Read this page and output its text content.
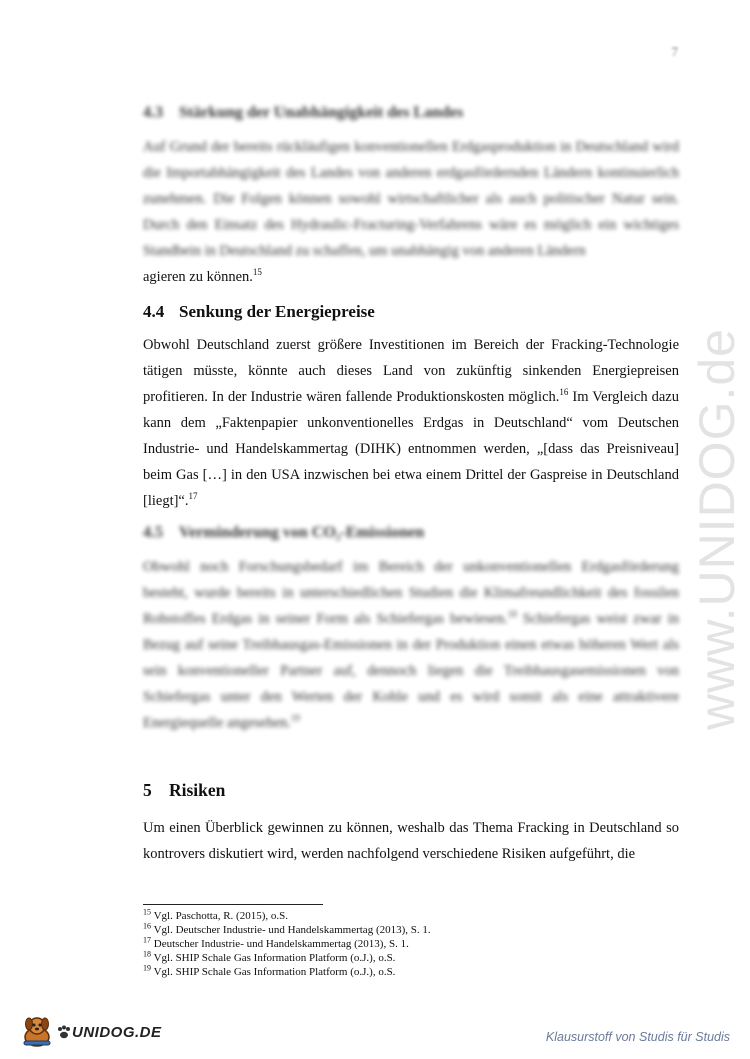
7
www.UNIDOG.de
4.3 Stärkung der Unabhängigkeit des Landes

Auf Grund der bereits rückläufigen konventionellen Erdgasproduktion in Deutschland wird die Importabhängigkeit des Landes von anderen erdgasfördernden Ländern kontinuierlich zunehmen. Die Folgen können sowohl wirtschaftlicher als auch politischer Natur sein. Durch den Einsatz des Hydraulic-Fracturing-Verfahrens wäre es möglich ein wichtiges Standbein in Deutschland zu schaffen, um unabhängig von anderen Ländern

agieren zu können.$^{15}$

4.4 Senkung der Energiepreise

Obwohl Deutschland zuerst größere Investitionen im Bereich der Fracking-Technologie tätigen müsste, könnte auch dieses Land von zukünftig sinkenden Energiepreisen profitieren. In der Industrie wären fallende Produktionskosten möglich.$^{16}$ Im Vergleich dazu kann dem „Faktenpapier unkonventionelles Erdgas in Deutschland“ vom Deutschen Industrie- und Handelskammertag (DIHK) entnommen werden, „[dass das Preisniveau] beim Gas […] in den USA inzwischen bei etwa einem Drittel der Gaspreise in Deutschland [liegt]“.$^{17}$

4.5 Verminderung von CO₂-Emissionen

Obwohl noch Forschungsbedarf im Bereich der unkonventionellen Erdgasförderung besteht, wurde bereits in unterschiedlichen Studien die Klimafreundlichkeit des fossilen Rohstoffes Erdgas in seiner Form als Schiefergas bewiesen.$^{18}$ Schiefergas weist zwar in Bezug auf seine Treibhausgas-Emissionen in der Produktion einen etwas höheren Wert als sein konventioneller Partner auf, dennoch liegen die Treibhausgasemissionen von Schiefergas unter den Werten der Kohle und es wird somit als eine attraktivere Energiequelle angesehen.$^{19}$

5 Risiken

Um einen Überblick gewinnen zu können, weshalb das Thema Fracking in Deutschland so kontrovers diskutiert wird, werden nachfolgend verschiedene Risiken aufgeführt, die

$^{15}$ Vgl. Paschotta, R. (2015), o.S.
$^{16}$ Vgl. Deutscher Industrie- und Handelskammertag (2013), S. 1.
$^{17}$ Deutscher Industrie- und Handelskammertag (2013), S. 1.
$^{18}$ Vgl. SHIP Schale Gas Information Platform (o.J.), o.S.
$^{19}$ Vgl. SHIP Schale Gas Information Platform (o.J.), o.S.
UNIDOG.DE	Klausurstoff von Studis für Studis
